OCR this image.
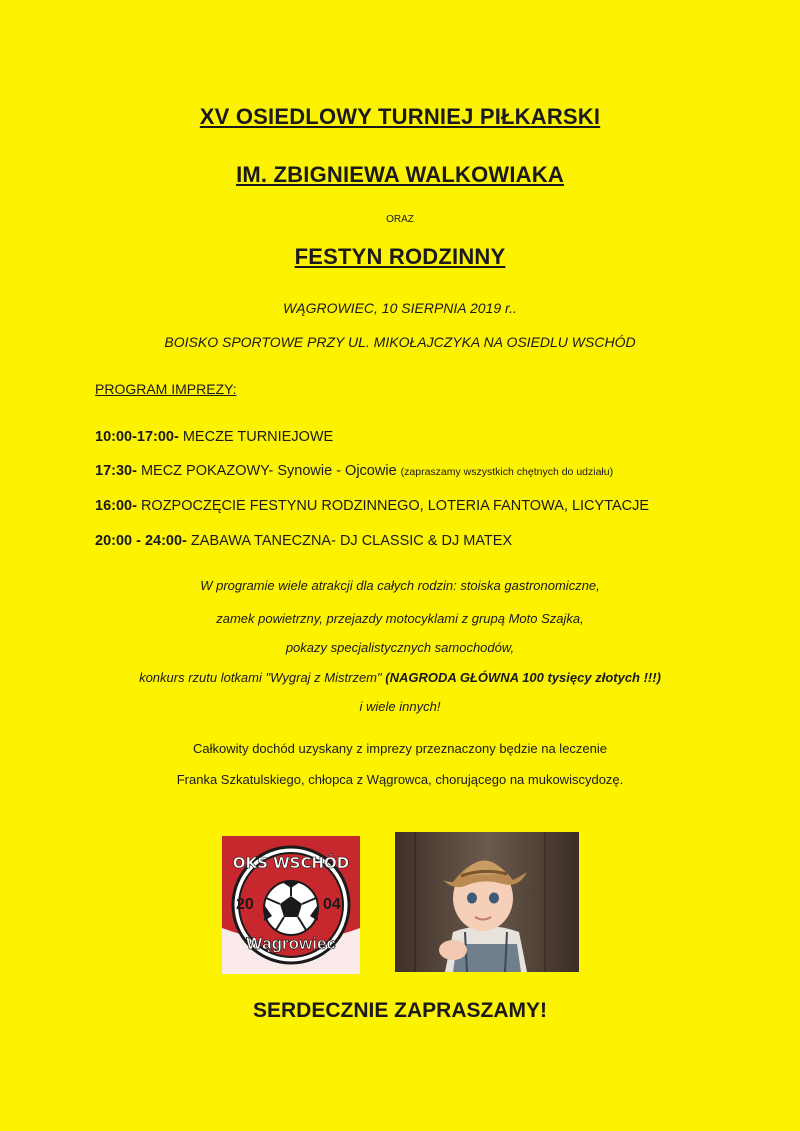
XV OSIEDLOWY TURNIEJ PIŁKARSKI
IM. ZBIGNIEWA WALKOWIAKA
ORAZ
FESTYN RODZINNY
WĄGROWIEC, 10 SIERPNIA 2019 r..
BOISKO SPORTOWE PRZY UL. MIKOŁAJCZYKA NA OSIEDLU WSCHÓD
PROGRAM IMPREZY:
10:00-17:00- MECZE TURNIEJOWE
17:30- MECZ POKAZOWY- Synowie - Ojcowie (zapraszamy wszystkich chętnych do udziału)
16:00- ROZPOCZĘCIE FESTYNU RODZINNEGO, LOTERIA FANTOWA, LICYTACJE
20:00 - 24:00- ZABAWA TANECZNA- DJ CLASSIC & DJ MATEX
W programie wiele atrakcji dla całych rodzin: stoiska gastronomiczne,
zamek powietrzny, przejazdy motocyklami z grupą Moto Szajka,
pokazy specjalistycznych samochodów,
konkurs rzutu lotkami "Wygraj z Mistrzem" (NAGRODA GŁÓWNA 100 tysięcy złotych !!!)
i wiele innych!
Całkowity dochód uzyskany z imprezy przeznaczony będzie na leczenie
Franka Szkatulskiego, chłopca z Wągrowca, chorującego na mukowiscydozę.
OKS WSCHÓD
20	04
Wągrowiec
SERDECZNIE ZAPRASZAMY!
